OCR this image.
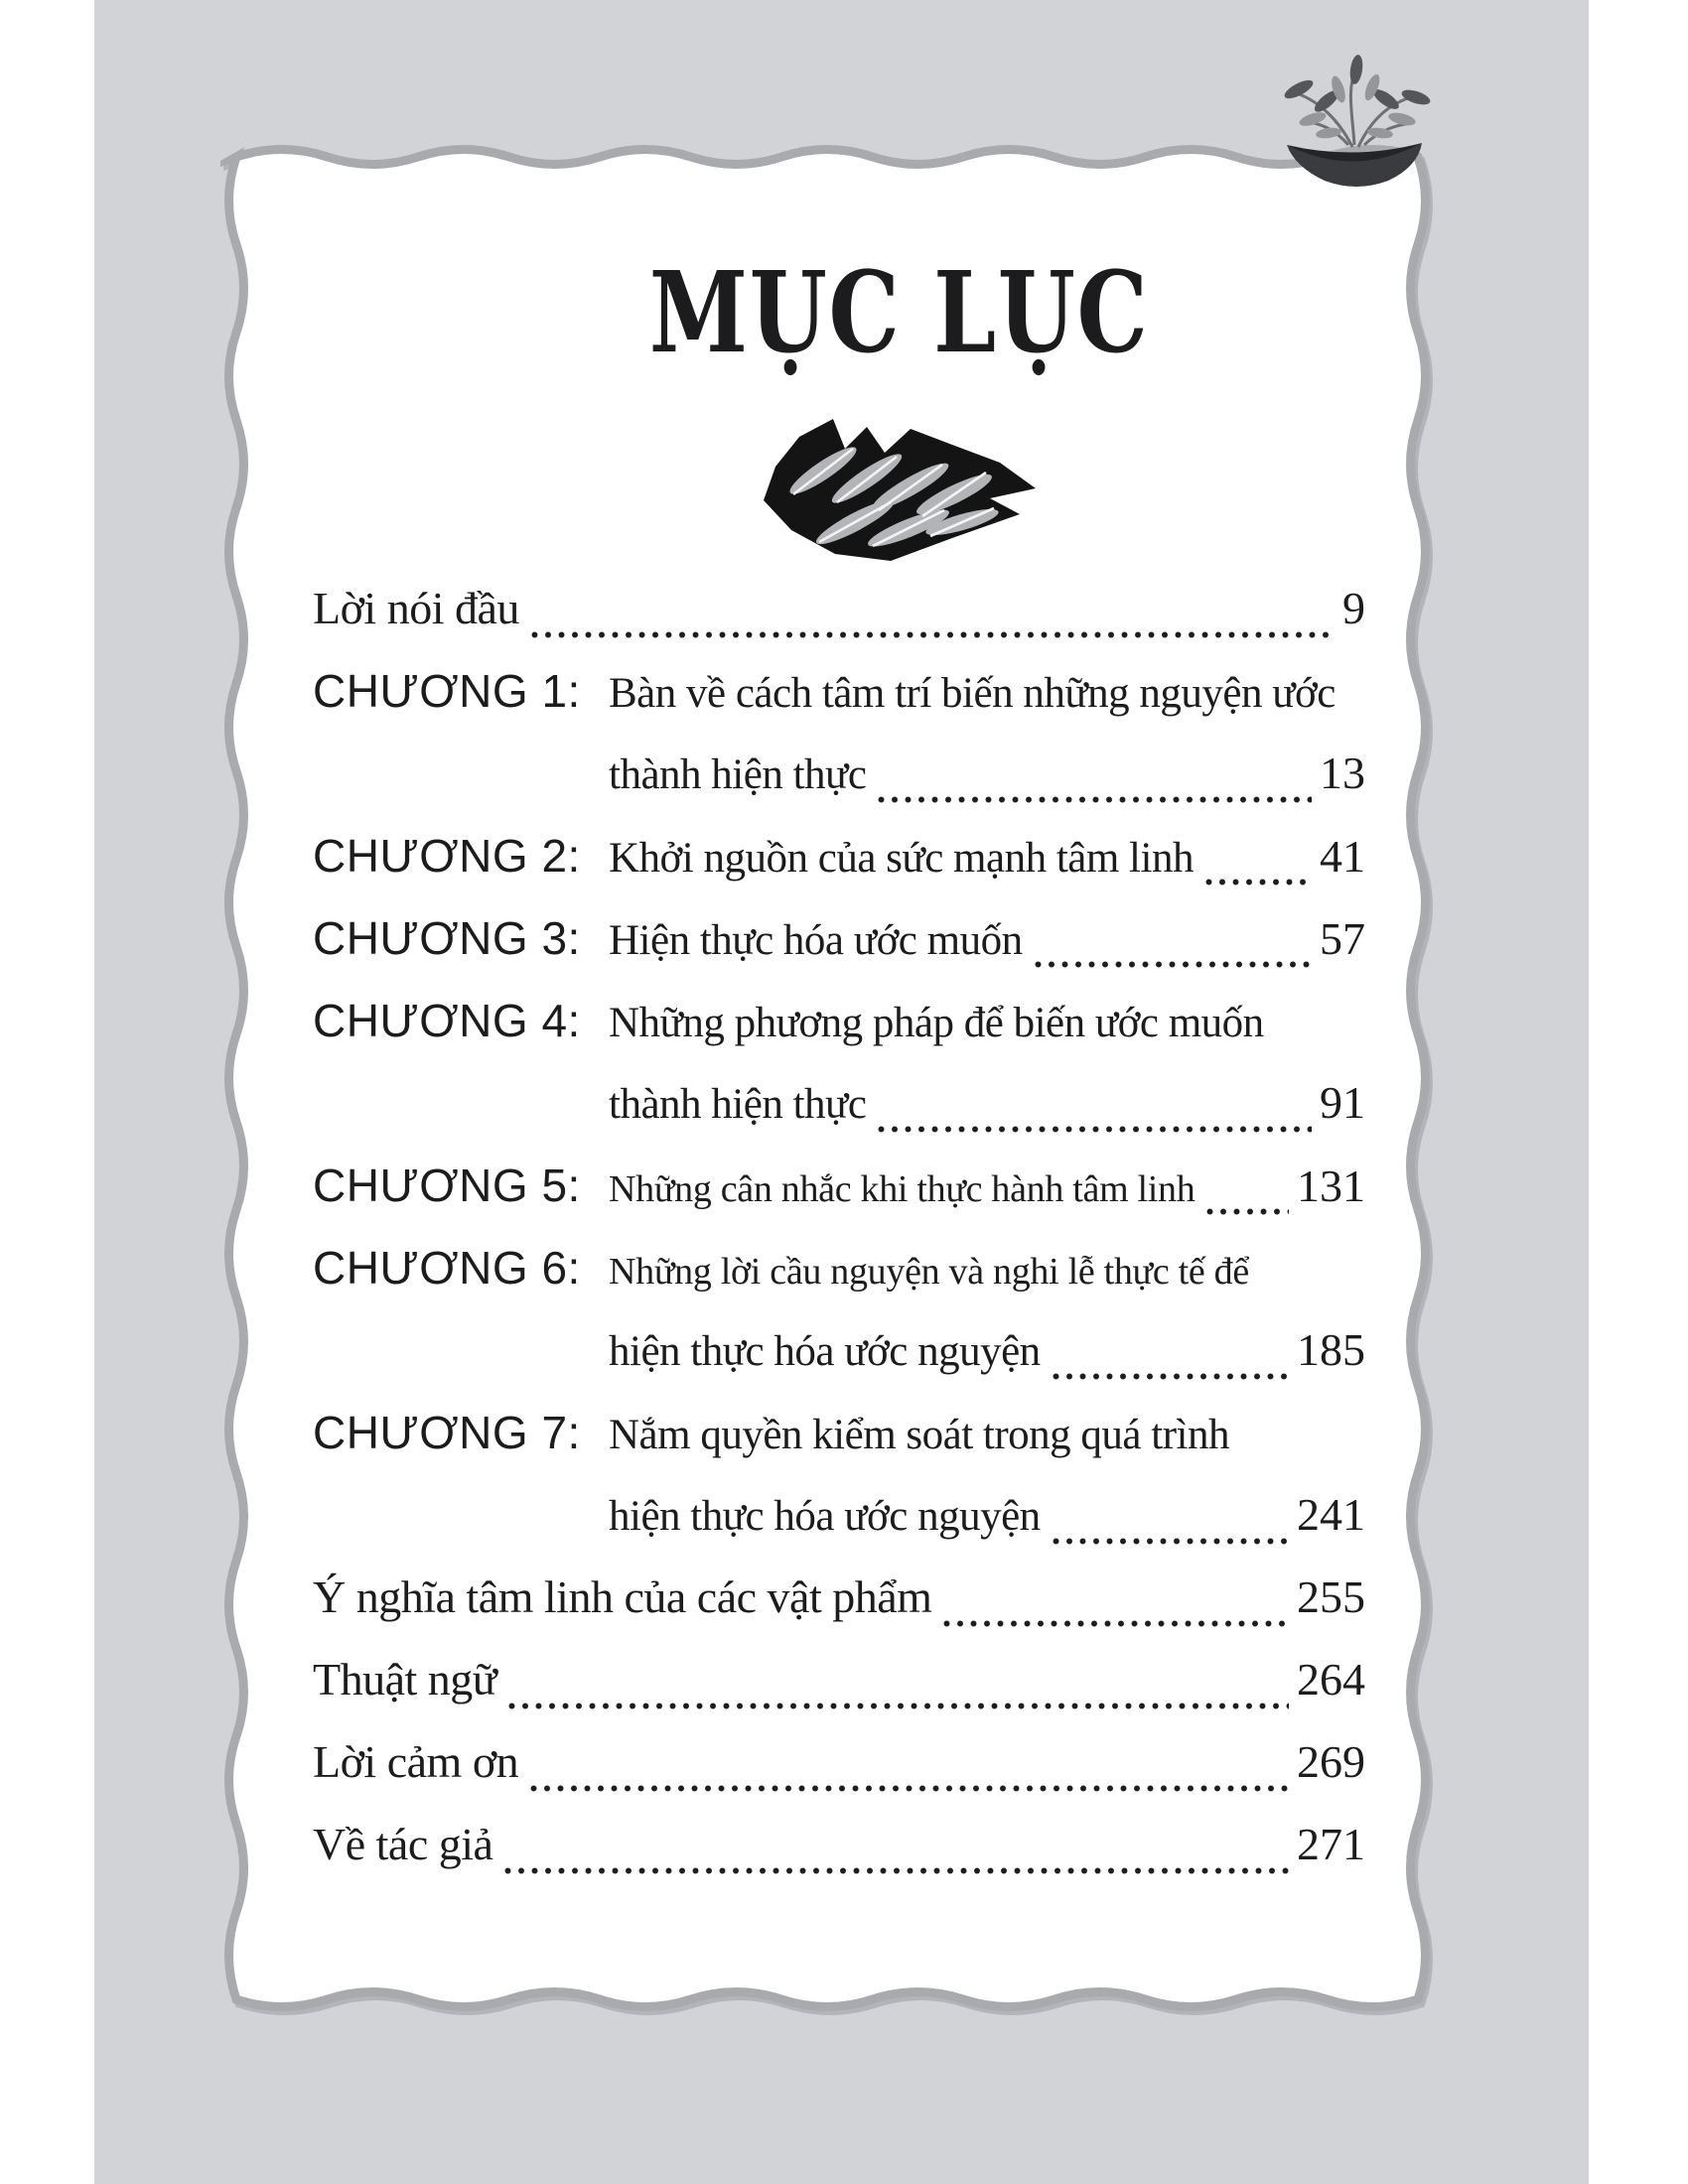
MỤC LỤC
Lời nói đầu	9
CHƯƠNG 1: Bàn về cách tâm trí biến những nguyện ước
thành hiện thực	13
CHƯƠNG 2: Khởi nguồn của sức mạnh tâm linh	41
CHƯƠNG 3: Hiện thực hóa ước muốn	57
CHƯƠNG 4: Những phương pháp để biến ước muốn
thành hiện thực	91
CHƯƠNG 5: Những cân nhắc khi thực hành tâm linh 131
CHƯƠNG 6: Những lời cầu nguyện và nghi lễ thực tế để
hiện thực hóa ước nguyện	185
CHƯƠNG 7: Nắm quyền kiểm soát trong quá trình
hiện thực hóa ước nguyện	241
Ý nghĩa tâm linh của các vật phẩm	255
Thuật ngữ	264
Lời cảm ơn	269
Về tác giả	271
